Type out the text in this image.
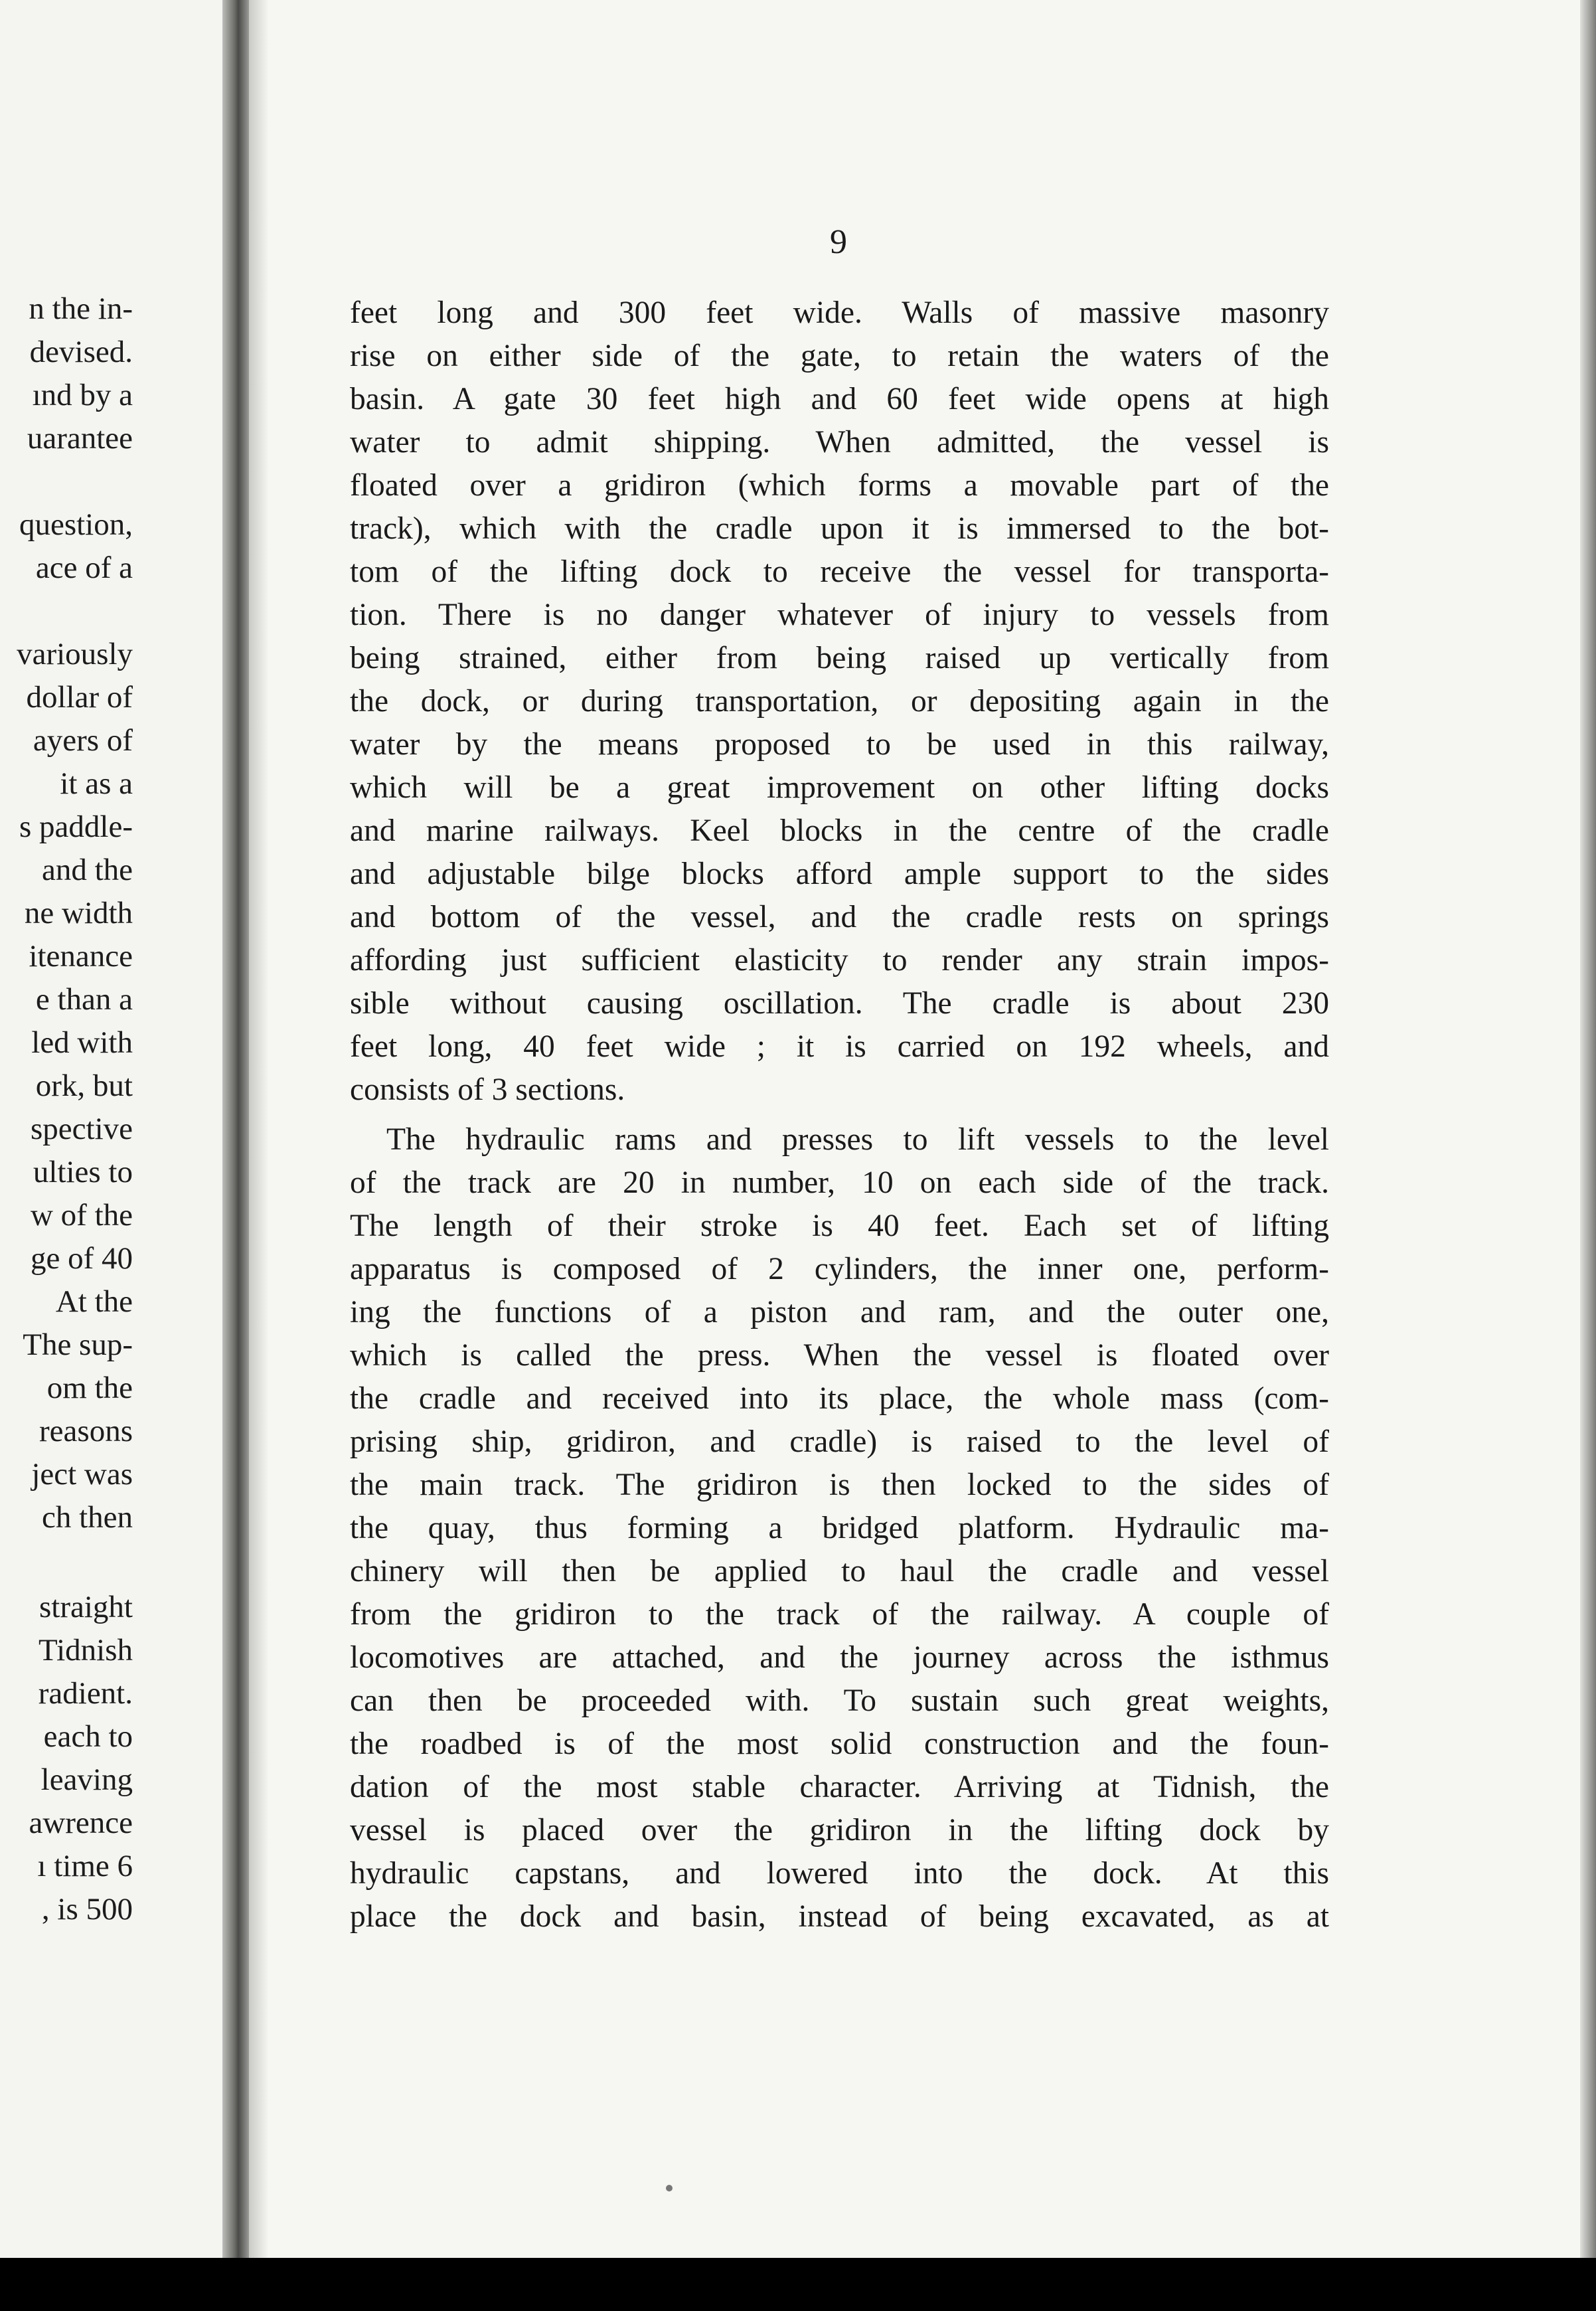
n the in-
devised.
ınd by a
uarantee
question,
ace of a
variously
dollar of
ayers of
it as a
s paddle-
and the
ne width
itenance
e than a
led with
ork, but
spective
ulties to
w of the
ge of 40
At the
The sup-
om the
reasons
ject was
ch then
straight
Tidnish
radient.
each to
leaving
awrence
ı time 6
, is 500
9
feet long and 300 feet wide. Walls of massive masonry
rise on either side of the gate, to retain the waters of the
basin. A gate 30 feet high and 60 feet wide opens at high
water to admit shipping. When admitted, the vessel is
floated over a gridiron (which forms a movable part of the
track), which with the cradle upon it is immersed to the bot-
tom of the lifting dock to receive the vessel for transporta-
tion. There is no danger whatever of injury to vessels from
being strained, either from being raised up vertically from
the dock, or during transportation, or depositing again in the
water by the means proposed to be used in this railway,
which will be a great improvement on other lifting docks
and marine railways. Keel blocks in the centre of the cradle
and adjustable bilge blocks afford ample support to the sides
and bottom of the vessel, and the cradle rests on springs
affording just sufficient elasticity to render any strain impos-
sible without causing oscillation. The cradle is about 230
feet long, 40 feet wide ; it is carried on 192 wheels, and
consists of 3 sections.
The hydraulic rams and presses to lift vessels to the level
of the track are 20 in number, 10 on each side of the track.
The length of their stroke is 40 feet. Each set of lifting
apparatus is composed of 2 cylinders, the inner one, perform-
ing the functions of a piston and ram, and the outer one,
which is called the press. When the vessel is floated over
the cradle and received into its place, the whole mass (com-
prising ship, gridiron, and cradle) is raised to the level of
the main track. The gridiron is then locked to the sides of
the quay, thus forming a bridged platform. Hydraulic ma-
chinery will then be applied to haul the cradle and vessel
from the gridiron to the track of the railway. A couple of
locomotives are attached, and the journey across the isthmus
can then be proceeded with. To sustain such great weights,
the roadbed is of the most solid construction and the foun-
dation of the most stable character. Arriving at Tidnish, the
vessel is placed over the gridiron in the lifting dock by
hydraulic capstans, and lowered into the dock. At this
place the dock and basin, instead of being excavated, as at
